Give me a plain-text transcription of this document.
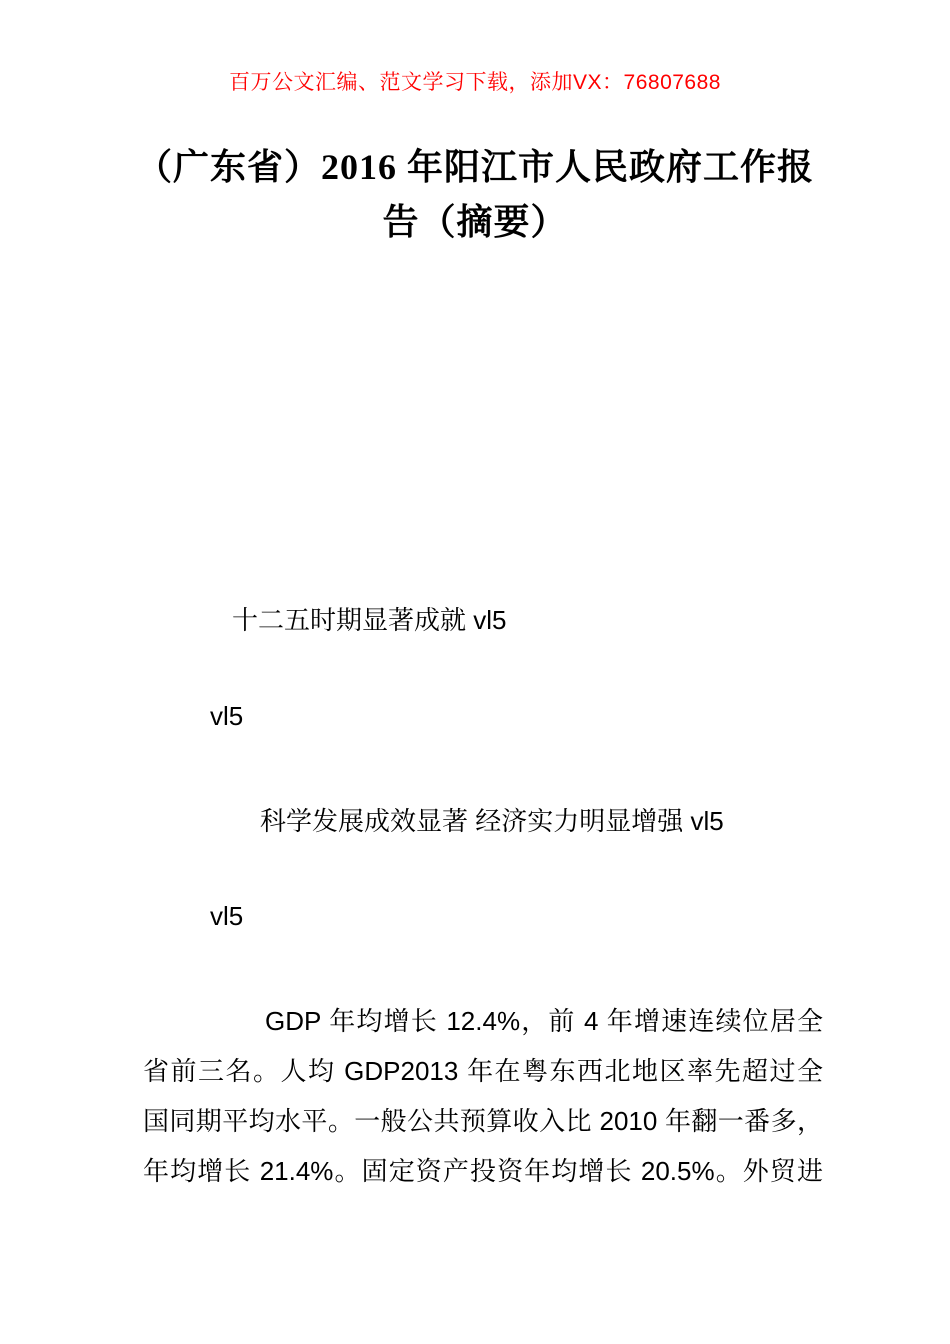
百万公文汇编、范文学习下载，添加VX：76807688
（广东省）2016 年阳江市人民政府工作报
告（摘要）
十二五时期显著成就 vl5
vl5
科学发展成效显著 经济实力明显增强 vl5
vl5
GDP 年均增长 12.4%，前 4 年增速连续位居全
省前三名。人均 GDP2013 年在粤东西北地区率先超过全
国同期平均水平。一般公共预算收入比 2010 年翻一番多，
年均增长 21.4%。固定资产投资年均增长 20.5%。外贸进
